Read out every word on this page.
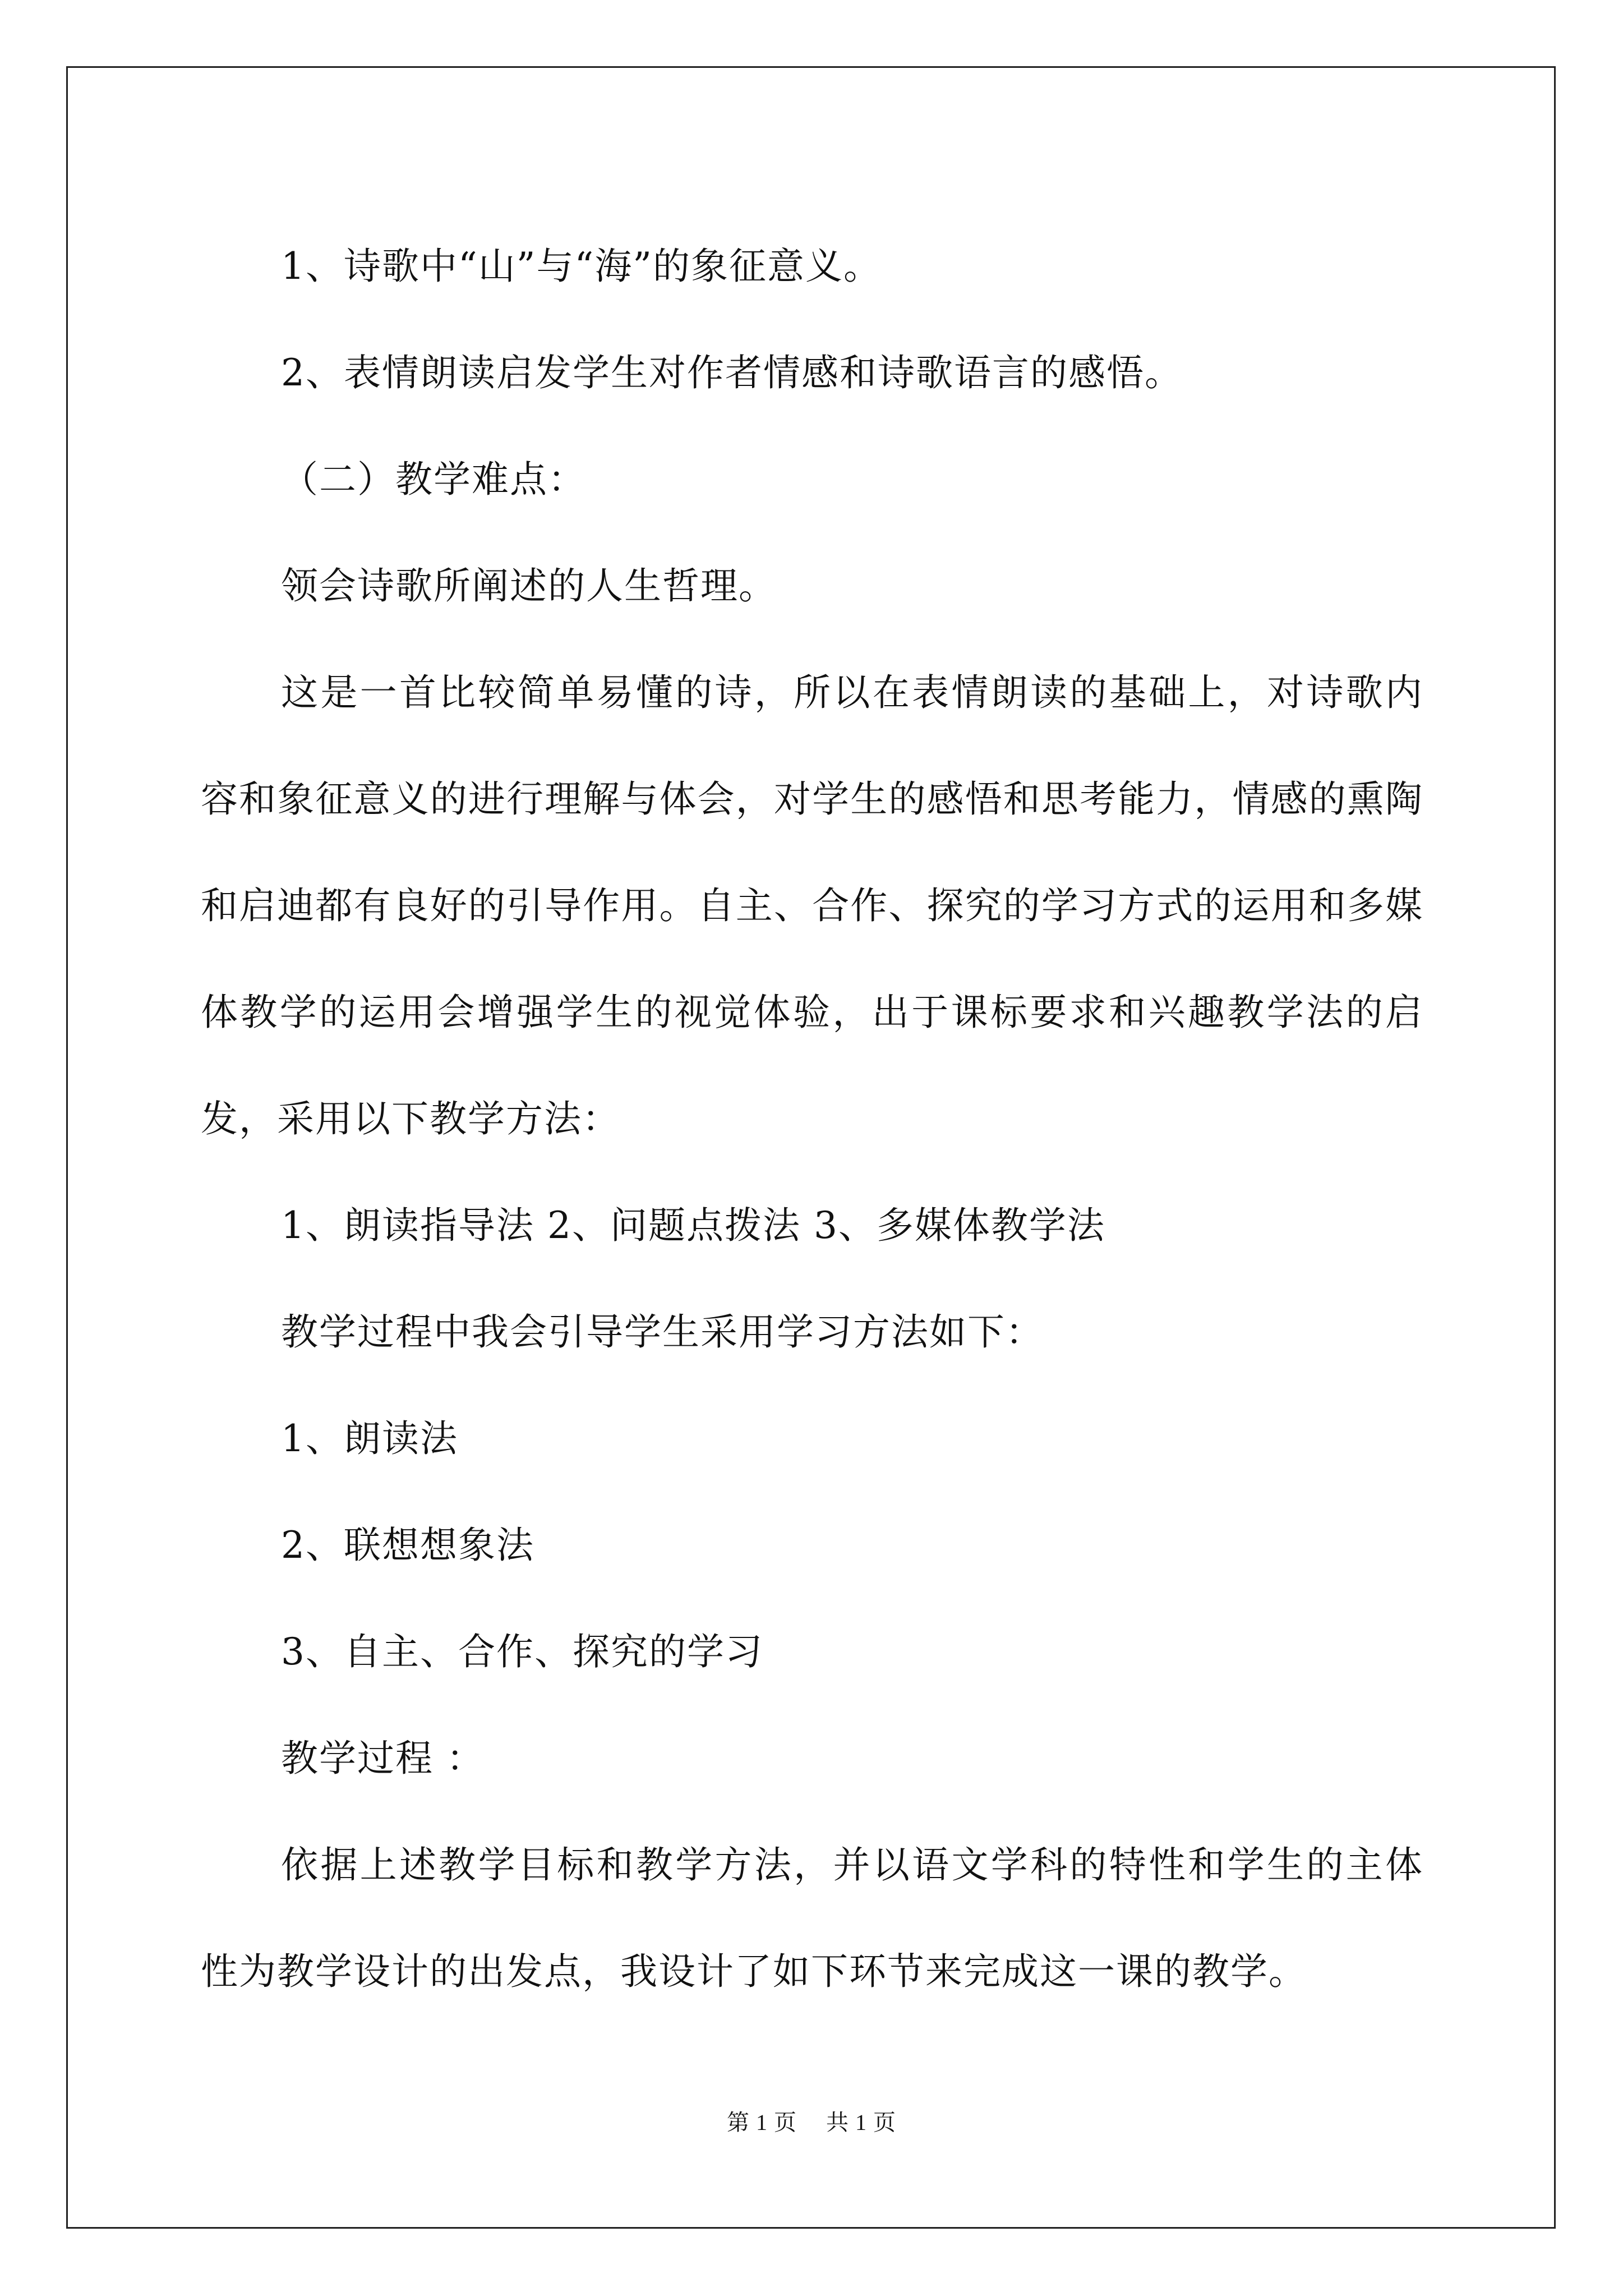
1、诗歌中“山”与“海”的象征意义。

2、表情朗读启发学生对作者情感和诗歌语言的感悟。

（二）教学难点：

领会诗歌所阐述的人生哲理。

这是一首比较简单易懂的诗，所以在表情朗读的基础上，对诗歌内容和象征意义的进行理解与体会，对学生的感悟和思考能力，情感的熏陶和启迪都有良好的引导作用。自主、合作、探究的学习方式的运用和多媒体教学的运用会增强学生的视觉体验，出于课标要求和兴趣教学法的启发，采用以下教学方法：

1、朗读指导法 2、问题点拨法 3、多媒体教学法

教学过程中我会引导学生采用学习方法如下：

1、朗读法

2、联想想象法

3、自主、合作、探究的学习

教学过程 ：

依据上述教学目标和教学方法，并以语文学科的特性和学生的主体性为教学设计的出发点，我设计了如下环节来完成这一课的教学。

第 1 页　 共 1 页
